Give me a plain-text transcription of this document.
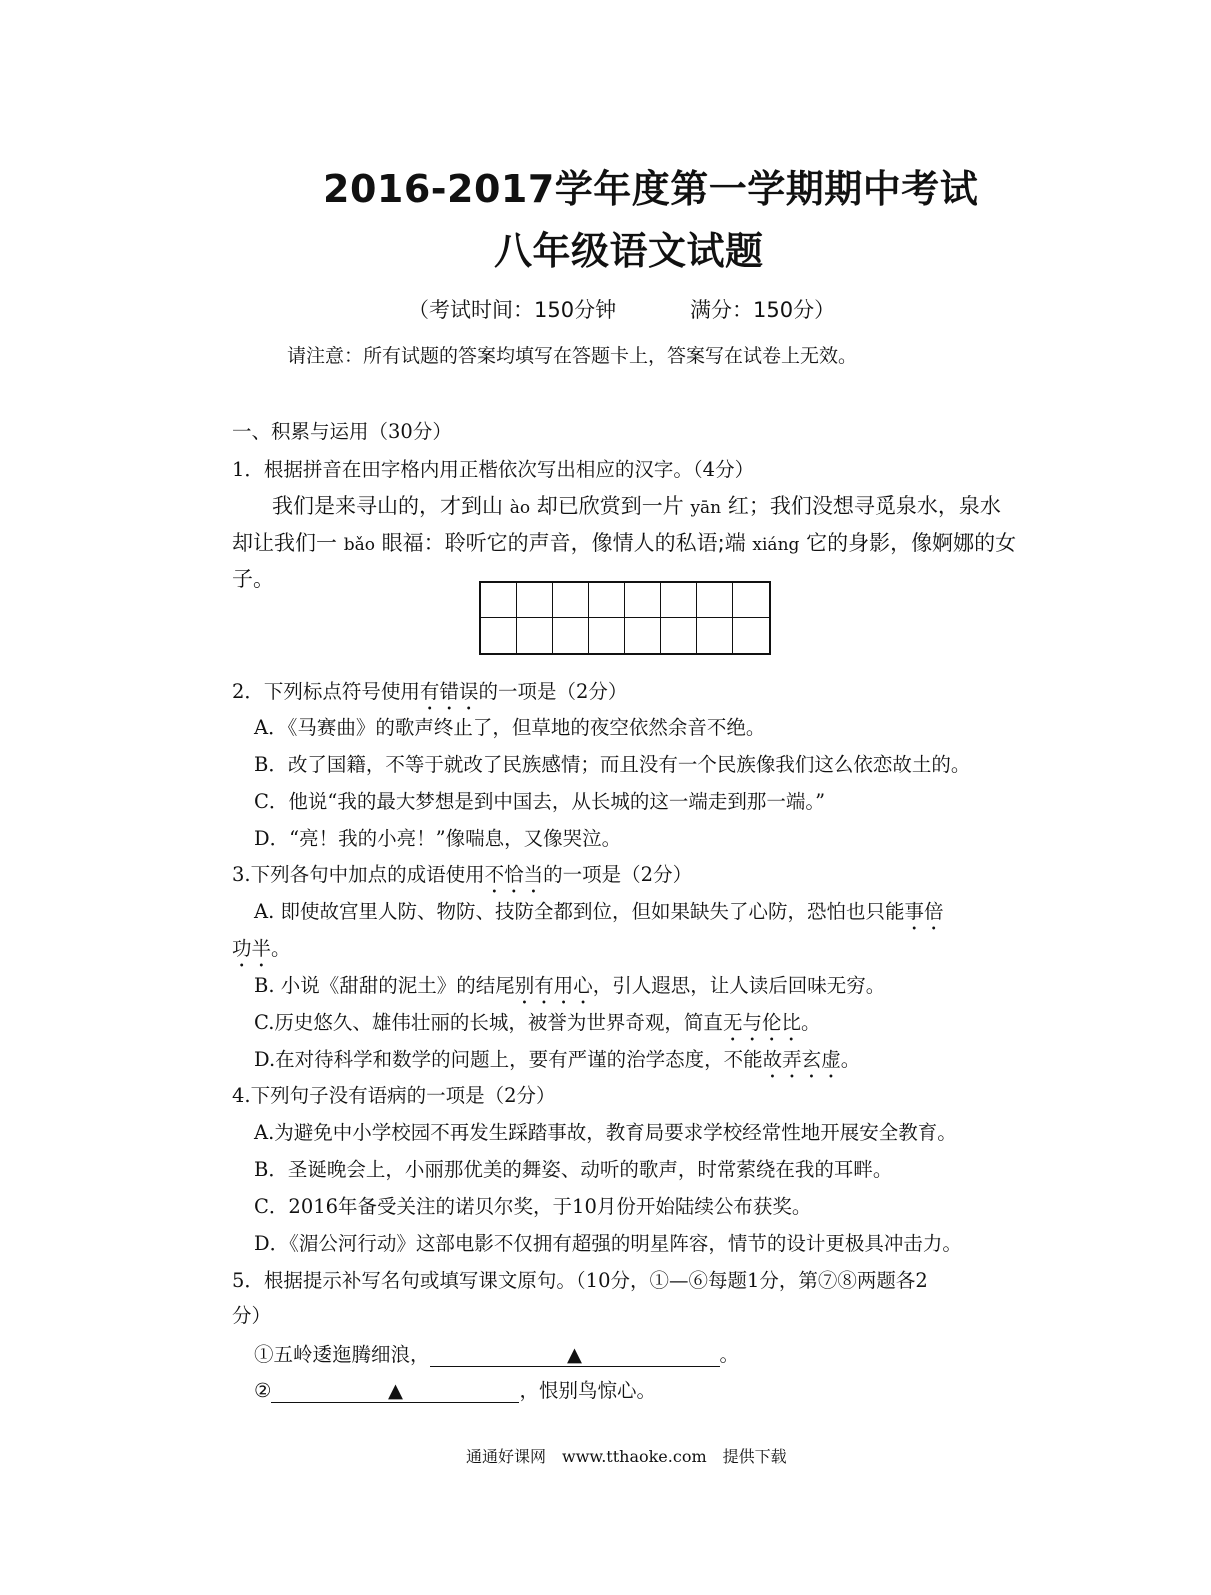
2016-2017学年度第一学期期中考试
八年级语文试题
（考试时间：150分钟	满分：150分）
请注意：所有试题的答案均填写在答题卡上，答案写在试卷上无效。
一、积累与运用（30分）
1．根据拼音在田字格内用正楷依次写出相应的汉字。（4分）
我们是来寻山的，才到山 ào 却已欣赏到一片 yān 红；我们没想寻觅泉水，泉水
却让我们一 bǎo 眼福：聆听它的声音，像情人的私语;端 xiáng 它的身影，像婀娜的女
子。
2．下列标点符号使用有错误的一项是（2分）
A．《马赛曲》的歌声终止了，但草地的夜空依然余音不绝。
B．改了国籍，不等于就改了民族感情；而且没有一个民族像我们这么依恋故土的。
C．他说“我的最大梦想是到中国去，从长城的这一端走到那一端。”
D．“亮！我的小亮！”像喘息，又像哭泣。
3.下列各句中加点的成语使用不恰当的一项是（2分）
A. 即使故宫里人防、物防、技防全都到位，但如果缺失了心防，恐怕也只能事倍
功半。
B. 小说《甜甜的泥土》的结尾别有用心，引人遐思，让人读后回味无穷。
C.历史悠久、雄伟壮丽的长城，被誉为世界奇观，简直无与伦比。
D.在对待科学和数学的问题上，要有严谨的治学态度，不能故弄玄虚。
4.下列句子没有语病的一项是（2分）
A.为避免中小学校园不再发生踩踏事故，教育局要求学校经常性地开展安全教育。
B．圣诞晚会上，小丽那优美的舞姿、动听的歌声，时常萦绕在我的耳畔。
C．2016年备受关注的诺贝尔奖，于10月份开始陆续公布获奖。
D．《湄公河行动》这部电影不仅拥有超强的明星阵容，情节的设计更极具冲击力。
5．根据提示补写名句或填写课文原句。（10分，①—⑥每题1分，第⑦⑧两题各2
分）
①五岭逶迤腾细浪，	▲	。
②	▲	，恨别鸟惊心。
通通好课网　www.tthaoke.com　提供下载
